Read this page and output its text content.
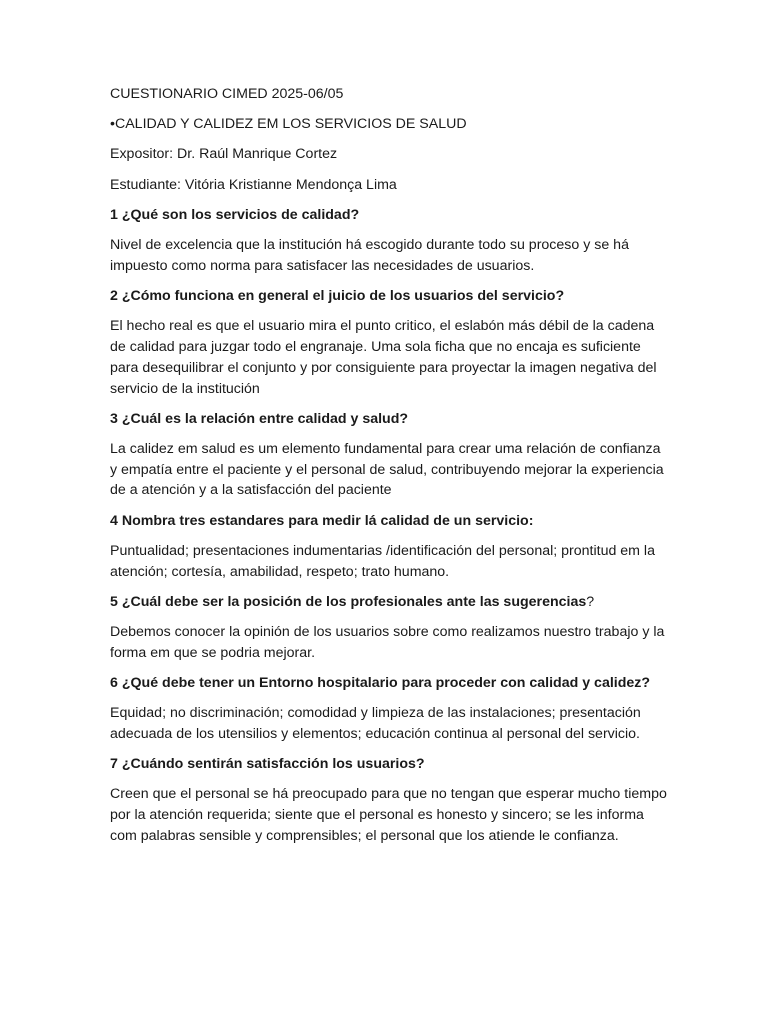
CUESTIONARIO CIMED 2025-06/05
•CALIDAD Y CALIDEZ EM LOS SERVICIOS DE SALUD
Expositor: Dr. Raúl Manrique Cortez
Estudiante: Vitória Kristianne Mendonça Lima
1 ¿Qué son los servicios de calidad?
Nivel de excelencia que la institución há escogido durante todo su proceso y se há impuesto como norma para satisfacer las necesidades de usuarios.
2 ¿Cómo funciona en general el juicio de los usuarios del servicio?
El hecho real es que el usuario mira el punto critico, el eslabón más débil de la cadena de calidad para juzgar todo el engranaje. Uma sola ficha que no encaja es suficiente para desequilibrar el conjunto y por consiguiente para proyectar la imagen negativa del servicio de la institución
3 ¿Cuál es la relación entre calidad y salud?
La calidez em salud es um elemento fundamental para crear uma relación de confianza y empatía entre el paciente y el personal de salud, contribuyendo mejorar la experiencia de a atención y a la satisfacción del paciente
4 Nombra tres estandares para medir lá calidad de un servicio:
Puntualidad; presentaciones indumentarias /identificación del personal; prontitud em la atención; cortesía, amabilidad, respeto; trato humano.
5 ¿Cuál debe ser la posición de los profesionales ante las sugerencias?
Debemos conocer la opinión de los usuarios sobre como realizamos nuestro trabajo y la forma em que se podria mejorar.
6 ¿Qué debe tener un Entorno hospitalario para proceder con calidad y calidez?
Equidad; no discriminación; comodidad y limpieza de las instalaciones; presentación adecuada de los utensilios y elementos; educación continua al personal del servicio.
7 ¿Cuándo sentirán satisfacción los usuarios?
Creen que el personal se há preocupado para que no tengan que esperar mucho tiempo por la atención requerida; siente que el personal es honesto y sincero; se les informa com palabras sensible y comprensibles; el personal que los atiende le confianza.
